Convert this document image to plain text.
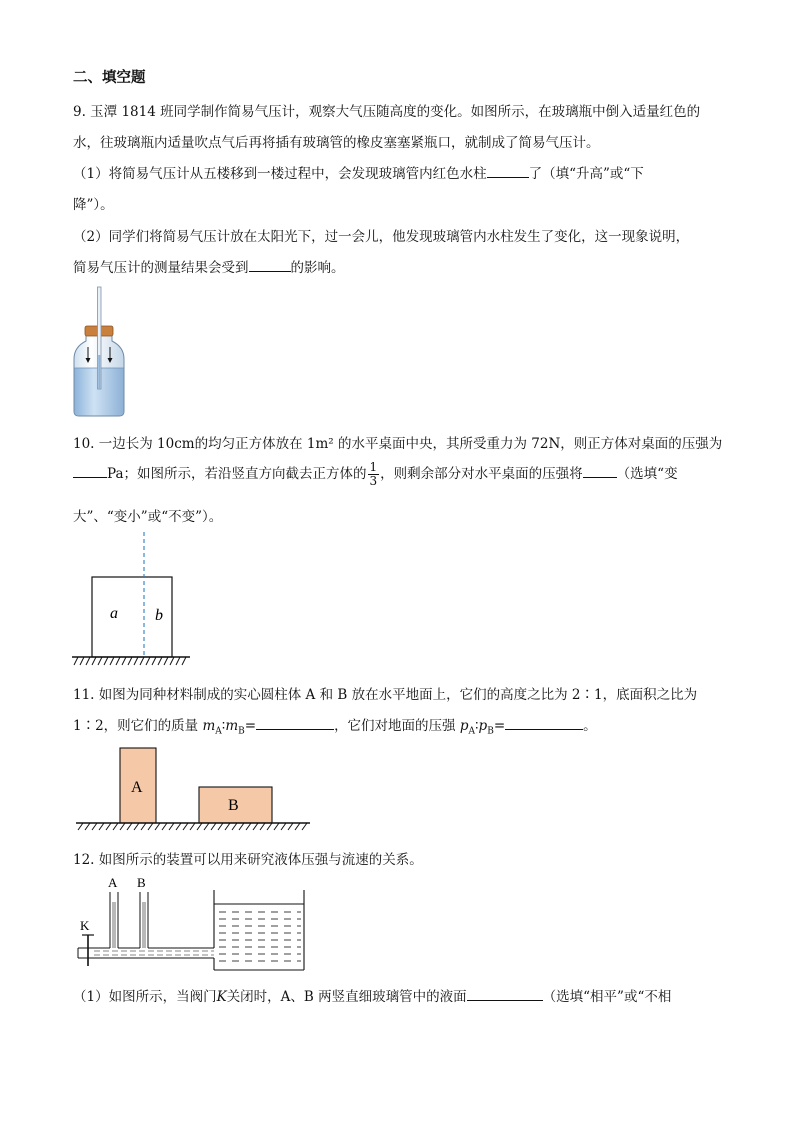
二、填空题
9. 玉潭 1814 班同学制作简易气压计，观察大气压随高度的变化。如图所示，在玻璃瓶中倒入适量红色的
水，往玻璃瓶内适量吹点气后再将插有玻璃管的橡皮塞塞紧瓶口，就制成了简易气压计。
（1）将简易气压计从五楼移到一楼过程中，会发现玻璃管内红色水柱	了（填“升高”或“下
降”）。
（2）同学们将简易气压计放在太阳光下，过一会儿，他发现玻璃管内水柱发生了变化，这一现象说明，
简易气压计的测量结果会受到	的影响。
10. 一边长为 10cm的均匀正方体放在 1m² 的水平桌面中央，其所受重力为 72N，则正方体对桌面的压强为
Pa；如图所示，若沿竖直方向截去正方体的 $\frac{1}{3}$ ，则剩余部分对水平桌面的压强将	（选填“变
大”、“变小”或“不变”）。
a b
11. 如图为同种材料制成的实心圆柱体 A 和 B 放在水平地面上，它们的高度之比为 2∶1，底面积之比为
1∶2，则它们的质量 $m_A∶m_B=$	，它们对地面的压强 $p_A∶p_B=$	。
A
B
12. 如图所示的装置可以用来研究液体压强与流速的关系。
A B
K
（1）如图所示，当阀门K关闭时，A、B 两竖直细玻璃管中的液面	（选填“相平”或“不相
